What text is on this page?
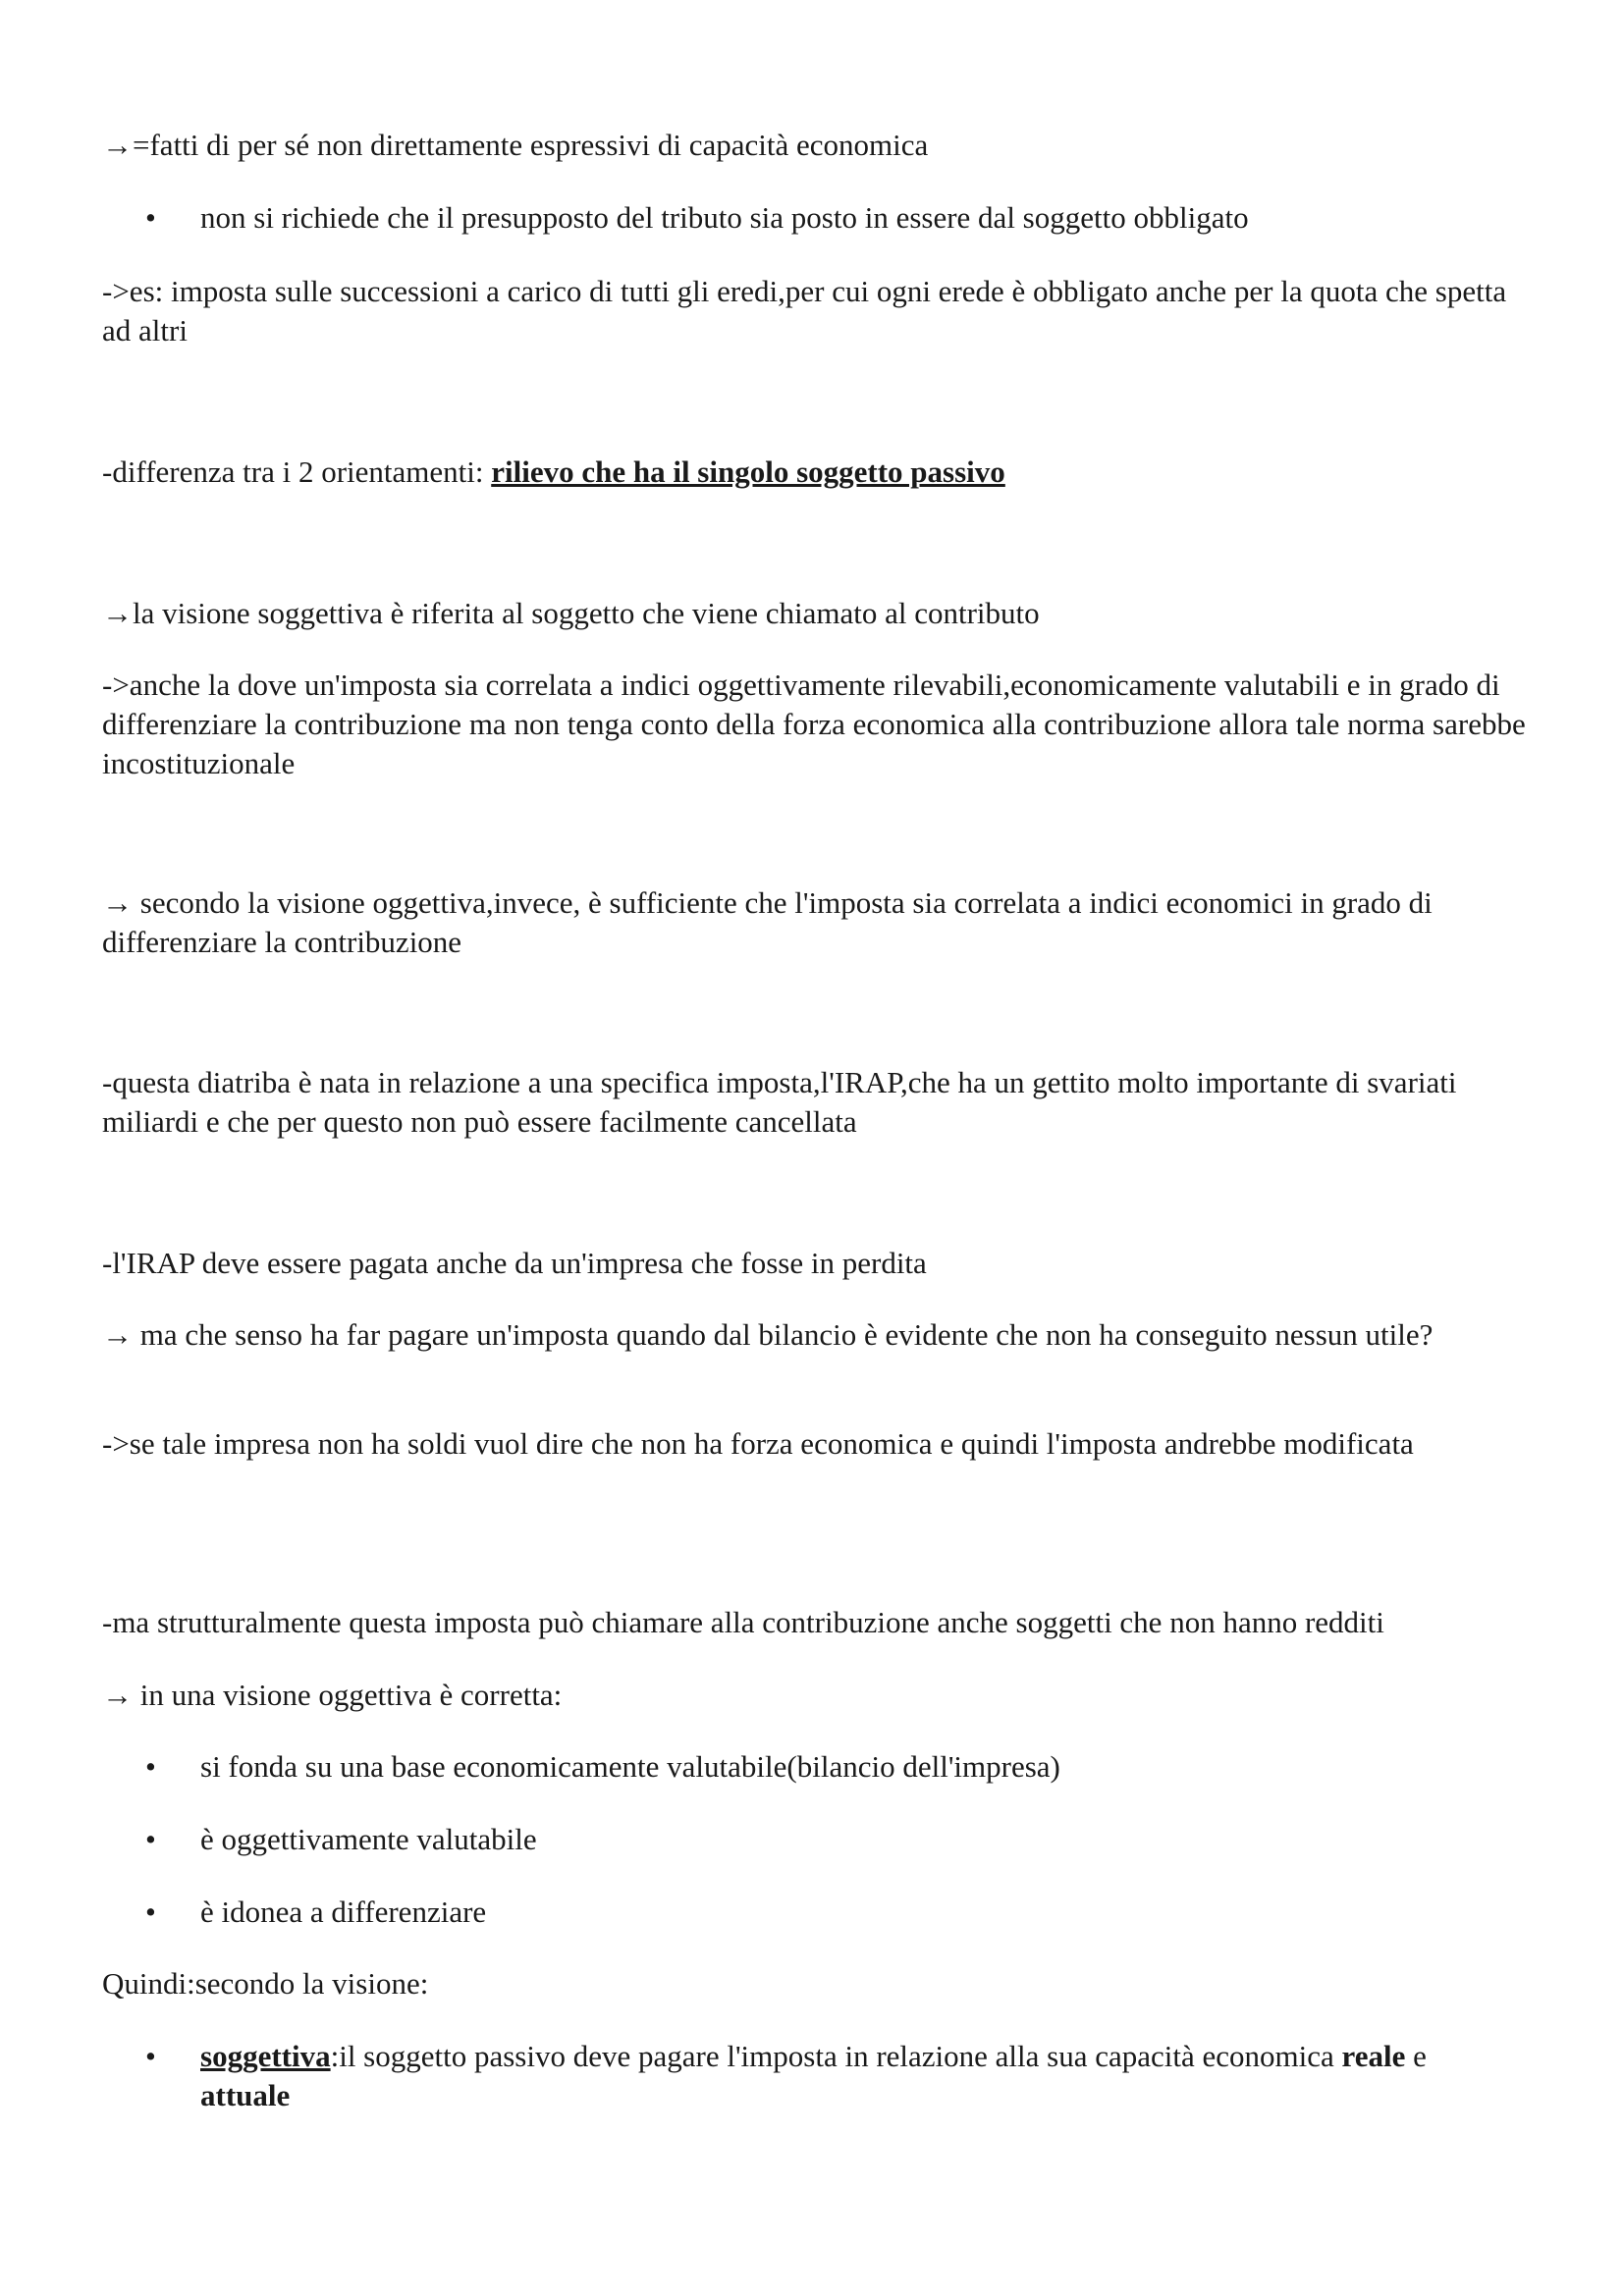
→=fatti di per sé non direttamente espressivi di capacità economica

•	non si richiede che il presupposto del tributo sia posto in essere dal soggetto obbligato

->es: imposta sulle successioni a carico di tutti gli eredi,per cui ogni erede è obbligato anche per la quota che spetta ad altri

-differenza tra i 2 orientamenti: rilievo che ha il singolo soggetto passivo

→la visione soggettiva è riferita al soggetto che viene chiamato al contributo

->anche la dove un'imposta sia correlata a indici oggettivamente rilevabili,economicamente valutabili e in grado di differenziare la contribuzione ma non tenga conto della forza economica alla contribuzione allora tale norma sarebbe incostituzionale

→ secondo la visione oggettiva,invece, è sufficiente che l'imposta sia correlata a indici economici in grado di differenziare la contribuzione

-questa diatriba è nata in relazione a una specifica imposta,l'IRAP,che ha un gettito molto importante di svariati miliardi e che per questo non può essere facilmente cancellata

-l'IRAP deve essere pagata anche da un'impresa che fosse in perdita

→ ma che senso ha far pagare un'imposta quando dal bilancio è evidente che non ha conseguito nessun utile?

->se tale impresa non ha soldi vuol dire che non ha forza economica e quindi l'imposta andrebbe modificata

-ma strutturalmente questa imposta può chiamare alla contribuzione anche soggetti che non hanno redditi

→ in una visione oggettiva è corretta:

•	si fonda su una base economicamente valutabile(bilancio dell'impresa)
•	è oggettivamente valutabile
•	è idonea a differenziare

Quindi:secondo la visione:

•	soggettiva:il soggetto passivo deve pagare l'imposta in relazione alla sua capacità economica reale e attuale
